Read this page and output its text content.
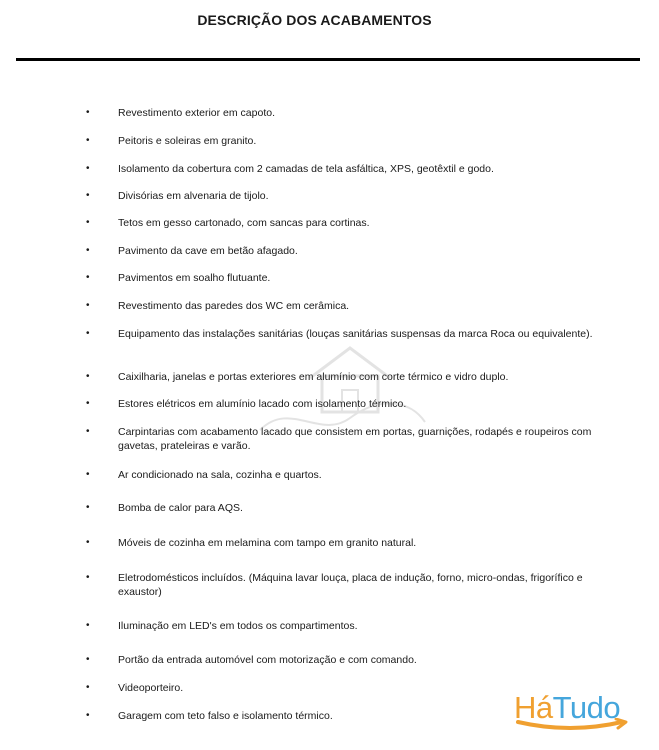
DESCRIÇÃO DOS ACABAMENTOS
•	Revestimento exterior em capoto.
•	Peitoris e soleiras em granito.
•	Isolamento da cobertura com 2 camadas de tela asfáltica, XPS, geotêxtil e godo.
•	Divisórias em alvenaria de tijolo.
•	Tetos em gesso cartonado, com sancas para cortinas.
•	Pavimento da cave em betão afagado.
•	Pavimentos em soalho flutuante.
•	Revestimento das paredes dos WC em cerâmica.
•	Equipamento das instalações sanitárias (louças sanitárias suspensas da marca Roca ou equivalente).
•	Caixilharia, janelas e portas exteriores em alumínio com corte térmico e vidro duplo.
•	Estores elétricos em alumínio lacado com isolamento térmico.
•	Carpintarias com acabamento lacado que consistem em portas, guarnições, rodapés e roupeiros com gavetas, prateleiras e varão.
•	Ar condicionado na sala, cozinha e quartos.
•	Bomba de calor para AQS.
•	Móveis de cozinha em melamina com tampo em granito natural.
•	Eletrodomésticos incluídos. (Máquina lavar louça, placa de indução, forno, micro-ondas, frigorífico e exaustor)
•	Iluminação em LED's em todos os compartimentos.
•	Portão da entrada automóvel com motorização e com comando.
•	Videoporteiro.
•	Garagem com teto falso e isolamento térmico.	HáTudo
